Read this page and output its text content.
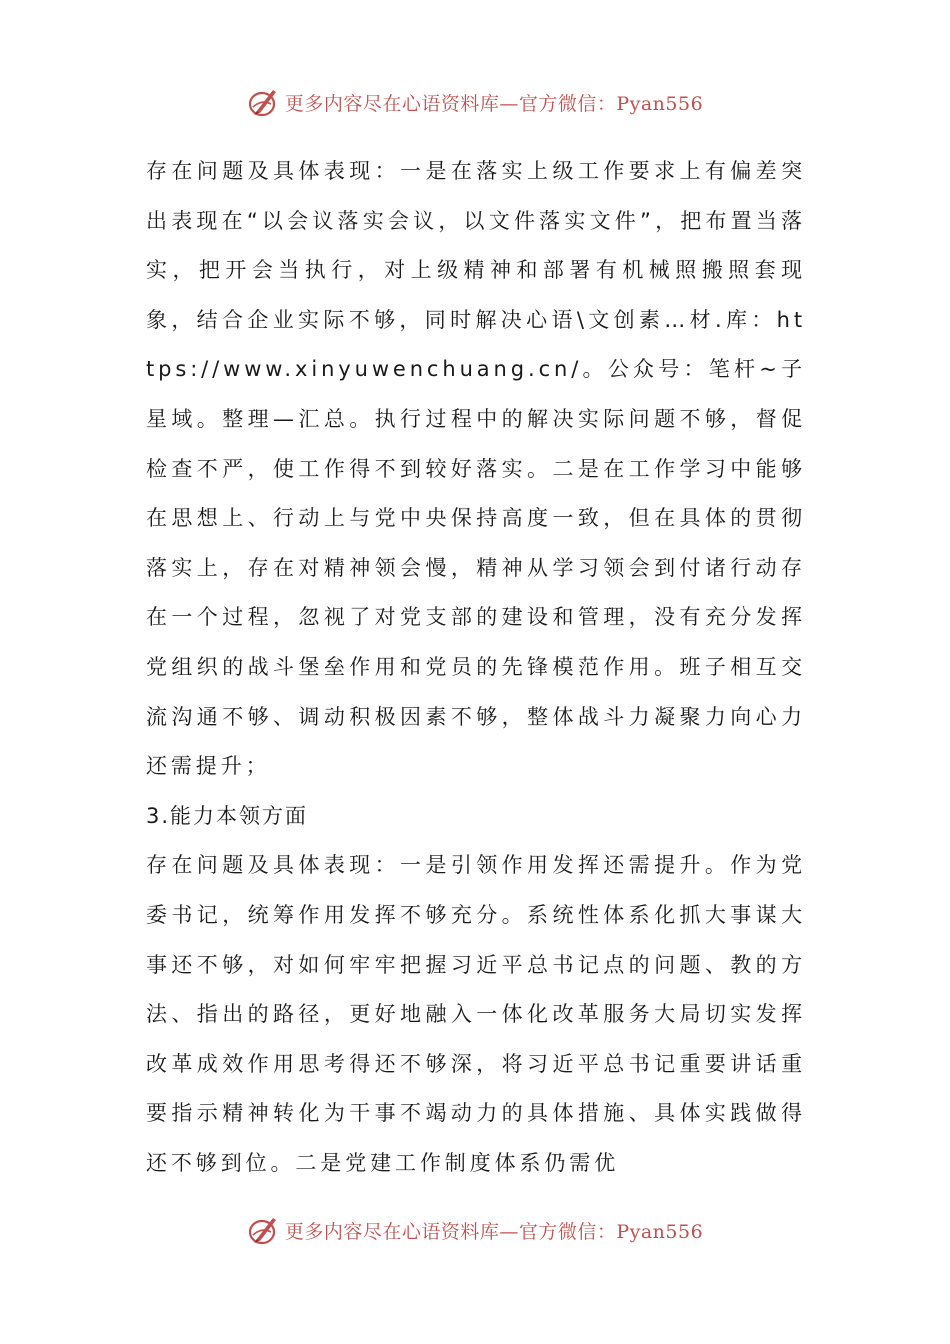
更多内容尽在心语资料库—官方微信：Pyan556

存在问题及具体表现：一是在落实上级工作要求上有偏差突出表现在“以会议落实会议，以文件落实文件”，把布置当落实，把开会当执行，对上级精神和部署有机械照搬照套现象，结合企业实际不够，同时解决心语\文创素…材.库：https://www.xinyuwenchuang.cn/。公众号：笔杆~子星域。整理—汇总。执行过程中的解决实际问题不够，督促检查不严，使工作得不到较好落实。二是在工作学习中能够在思想上、行动上与党中央保持高度一致，但在具体的贯彻落实上，存在对精神领会慢，精神从学习领会到付诸行动存在一个过程，忽视了对党支部的建设和管理，没有充分发挥党组织的战斗堡垒作用和党员的先锋模范作用。班子相互交流沟通不够、调动积极因素不够，整体战斗力凝聚力向心力还需提升；

3.能力本领方面

存在问题及具体表现：一是引领作用发挥还需提升。作为党委书记，统筹作用发挥不够充分。系统性体系化抓大事谋大事还不够，对如何牢牢把握习近平总书记点的问题、教的方法、指出的路径，更好地融入一体化改革服务大局切实发挥改革成效作用思考得还不够深，将习近平总书记重要讲话重要指示精神转化为干事不竭动力的具体措施、具体实践做得还不够到位。二是党建工作制度体系仍需优

更多内容尽在心语资料库—官方微信：Pyan556
